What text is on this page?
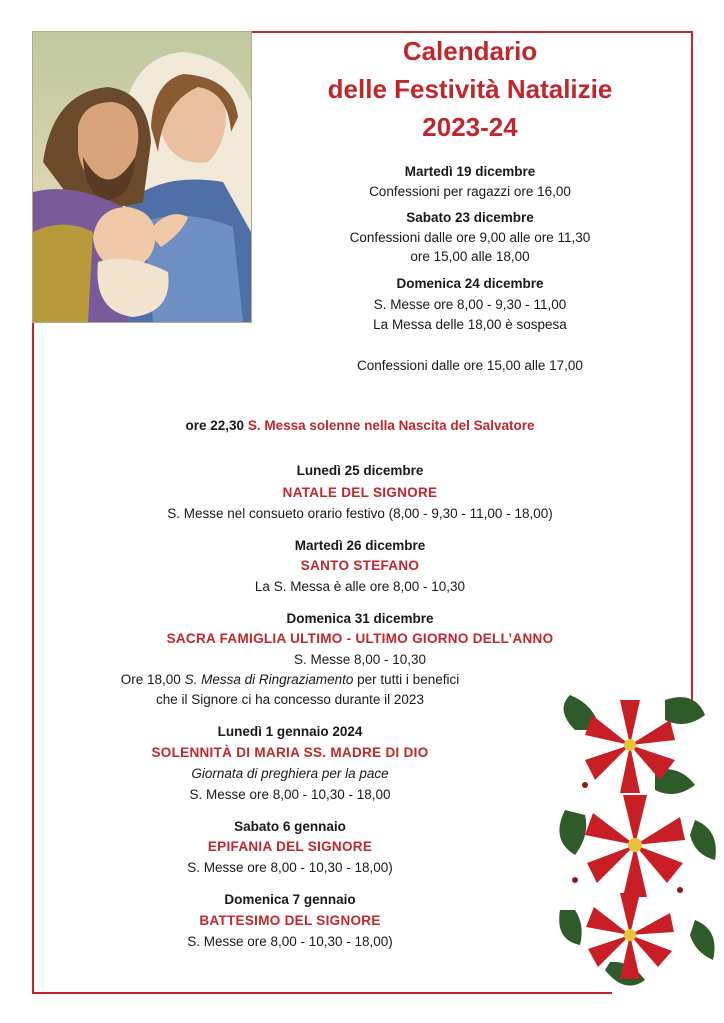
Calendario
delle Festività Natalizie
2023-24
Martedì 19 dicembre
Confessioni per ragazzi ore 16,00
Sabato 23 dicembre
Confessioni dalle ore 9,00 alle ore 11,30
ore 15,00 alle 18,00
Domenica 24 dicembre
S. Messe ore 8,00 - 9,30 - 11,00
La Messa delle 18,00 è sospesa
Confessioni dalle ore 15,00 alle 17,00
ore 22,30 S. Messa solenne nella Nascita del Salvatore
Lunedì 25 dicembre
NATALE DEL SIGNORE
S. Messe nel consueto orario festivo (8,00 - 9,30 - 11,00 - 18,00)
Martedì 26 dicembre
SANTO STEFANO
La S. Messa è alle ore 8,00 - 10,30
Domenica 31 dicembre
SACRA FAMIGLIA ULTIMO - ULTIMO GIORNO DELL’ANNO
S. Messe 8,00 - 10,30
Ore 18,00 S. Messa di Ringraziamento per tutti i benefici
che il Signore ci ha concesso durante il 2023
Lunedì 1 gennaio 2024
SOLENNITÀ DI MARIA SS. MADRE DI DIO
Giornata di preghiera per la pace
S. Messe ore 8,00 - 10,30 - 18,00
Sabato 6 gennaio
EPIFANIA DEL SIGNORE
S. Messe ore 8,00 - 10,30 - 18,00)
Domenica 7 gennaio
BATTESIMO DEL SIGNORE
S. Messe ore 8,00 - 10,30 - 18,00)
